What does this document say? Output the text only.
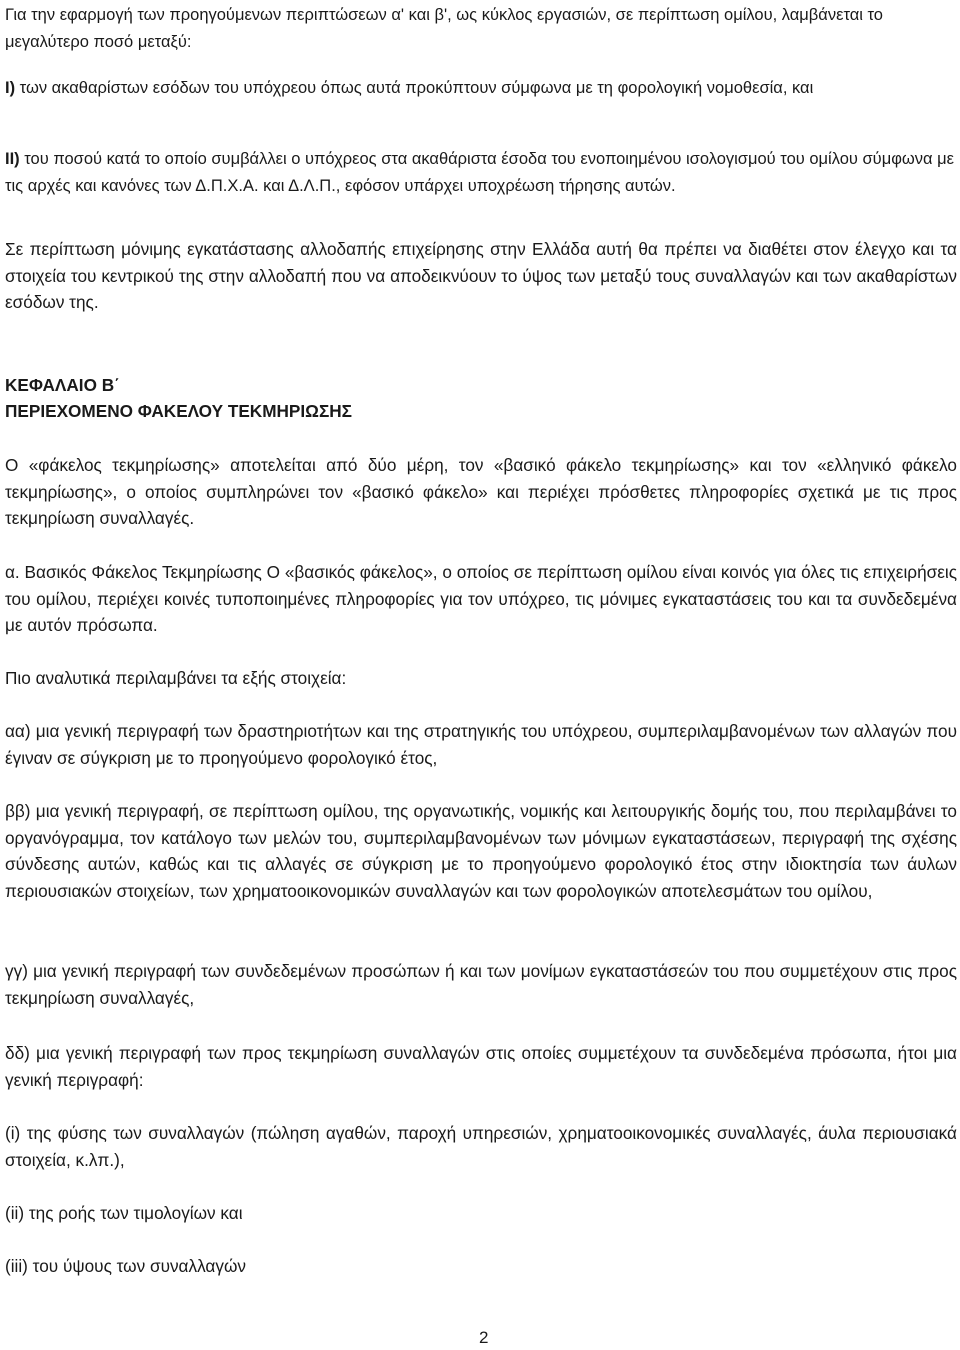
Για την εφαρμογή των προηγούμενων περιπτώσεων α' και β', ως κύκλος εργασιών, σε περίπτωση ομίλου, λαμβάνεται το μεγαλύτερο ποσό μεταξύ:

Ι) των ακαθαρίστων εσόδων του υπόχρεου όπως αυτά προκύπτουν σύμφωνα με τη φορολογική νομοθεσία, και

ΙΙ) του ποσού κατά το οποίο συμβάλλει ο υπόχρεος στα ακαθάριστα έσοδα του ενοποιημένου ισολογισμού του ομίλου σύμφωνα με τις αρχές και κανόνες των Δ.Π.Χ.Α. και Δ.Λ.Π., εφόσον υπάρχει υποχρέωση τήρησης αυτών.

Σε περίπτωση μόνιμης εγκατάστασης αλλοδαπής επιχείρησης στην Ελλάδα αυτή θα πρέπει να διαθέτει στον έλεγχο και τα στοιχεία του κεντρικού της στην αλλοδαπή που να αποδεικνύουν το ύψος των μεταξύ τους συναλλαγών και των ακαθαρίστων εσόδων της.

ΚΕΦΑΛΑΙΟ Β΄

ΠΕΡΙΕΧΟΜΕΝΟ ΦΑΚΕΛΟΥ ΤΕΚΜΗΡΙΩΣΗΣ

Ο «φάκελος τεκμηρίωσης» αποτελείται από δύο μέρη, τον «βασικό φάκελο τεκμηρίωσης» και τον «ελληνικό φάκελο τεκμηρίωσης», ο οποίος συμπληρώνει τον «βασικό φάκελο» και περιέχει πρόσθετες πληροφορίες σχετικά με τις προς τεκμηρίωση συναλλαγές.

α. Βασικός Φάκελος Τεκμηρίωσης Ο «βασικός φάκελος», ο οποίος σε περίπτωση ομίλου είναι κοινός για όλες τις επιχειρήσεις του ομίλου, περιέχει κοινές τυποποιημένες πληροφορίες για τον υπόχρεο, τις μόνιμες εγκαταστάσεις του και τα συνδεδεμένα με αυτόν πρόσωπα.

Πιο αναλυτικά περιλαμβάνει τα εξής στοιχεία:

αα) μια γενική περιγραφή των δραστηριοτήτων και της στρατηγικής του υπόχρεου, συμπεριλαμβανομένων των αλλαγών που έγιναν σε σύγκριση με το προηγούμενο φορολογικό έτος,

ββ) μια γενική περιγραφή, σε περίπτωση ομίλου, της οργανωτικής, νομικής και λειτουργικής δομής του, που περιλαμβάνει το οργανόγραμμα, τον κατάλογο των μελών του, συμπεριλαμβανομένων των μόνιμων εγκαταστάσεων, περιγραφή της σχέσης σύνδεσης αυτών, καθώς και τις αλλαγές σε σύγκριση με το προηγούμενο φορολογικό έτος στην ιδιοκτησία των άυλων περιουσιακών στοιχείων, των χρηματοοικονομικών συναλλαγών και των φορολογικών αποτελεσμάτων του ομίλου,

γγ) μια γενική περιγραφή των συνδεδεμένων προσώπων ή και των μονίμων εγκαταστάσεών του που συμμετέχουν στις προς τεκμηρίωση συναλλαγές,

δδ) μια γενική περιγραφή των προς τεκμηρίωση συναλλαγών στις οποίες συμμετέχουν τα συνδεδεμένα πρόσωπα, ήτοι μια γενική περιγραφή:

(i) της φύσης των συναλλαγών (πώληση αγαθών, παροχή υπηρεσιών, χρηματοοικονομικές συναλλαγές, άυλα περιουσιακά στοιχεία, κ.λπ.),

(ii) της ροής των τιμολογίων και

(iii) του ύψους των συναλλαγών

2
